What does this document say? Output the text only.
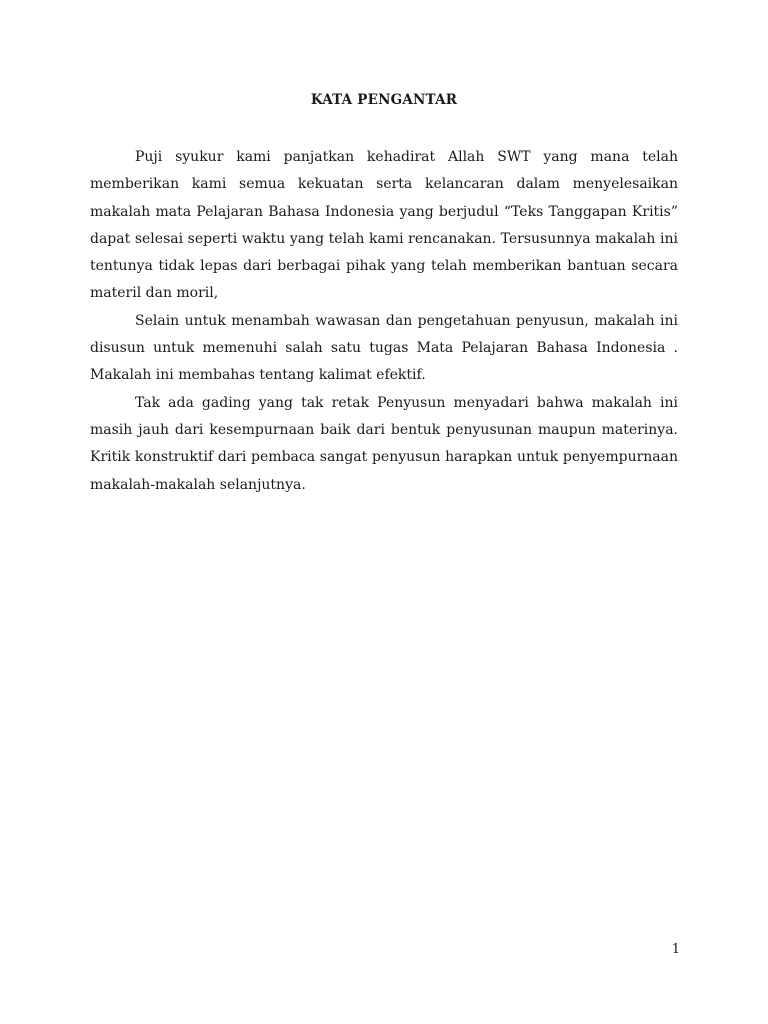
KATA PENGANTAR

Puji syukur kami panjatkan kehadirat Allah SWT yang mana telah memberikan kami semua kekuatan serta kelancaran dalam menyelesaikan makalah mata Pelajaran Bahasa Indonesia yang berjudul “Teks Tanggapan Kritis” dapat selesai seperti waktu yang telah kami rencanakan. Tersusunnya makalah ini tentunya tidak lepas dari berbagai pihak yang telah memberikan bantuan secara materil dan moril,

Selain untuk menambah wawasan dan pengetahuan penyusun, makalah ini disusun untuk memenuhi salah satu tugas Mata Pelajaran Bahasa Indonesia . Makalah ini membahas tentang kalimat efektif.

Tak ada gading yang tak retak Penyusun menyadari bahwa makalah ini masih jauh dari kesempurnaan baik dari bentuk penyusunan maupun materinya. Kritik konstruktif dari pembaca sangat penyusun harapkan untuk penyempurnaan makalah-makalah selanjutnya.

1
